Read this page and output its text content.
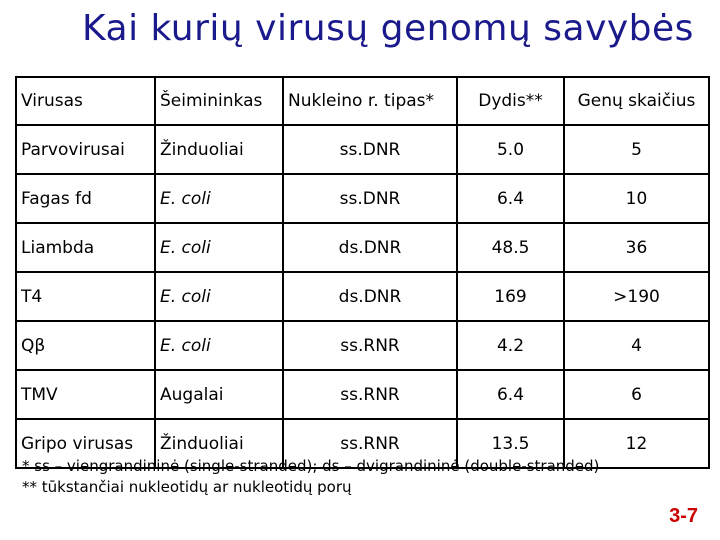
Kai kurių virusų genomų savybės
Virusas	Šeimininkas	Nukleino r. tipas*	Dydis**	Genų skaičius
Parvovirusai	Žinduoliai	ss.DNR	5.0	5
Fagas fd	E. coli	ss.DNR	6.4	10
Liambda	E. coli	ds.DNR	48.5	36
T4	E. coli	ds.DNR	169	>190
Qβ	E. coli	ss.RNR	4.2	4
TMV	Augalai	ss.RNR	6.4	6
Gripo virusas	Žinduoliai	ss.RNR	13.5	12
* ss – viengrandininė (single-stranded); ds – dvigrandininė (double-stranded)
** tūkstančiai nukleotidų ar nukleotidų porų
3-7
